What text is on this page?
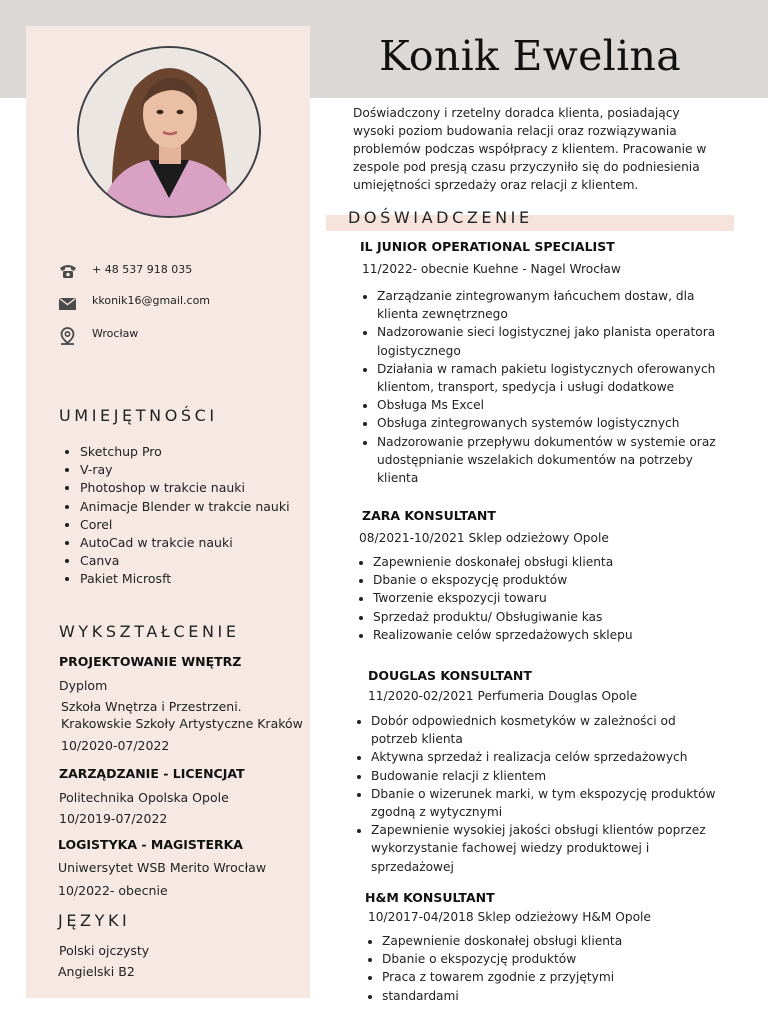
Konik Ewelina
+ 48 537 918 035
kkonik16@gmail.com
Wrocław
UMIEJĘTNOŚCI
• Sketchup Pro
• V-ray
• Photoshop w trakcie nauki
• Animacje Blender w trakcie nauki
• Corel
• AutoCad w trakcie nauki
• Canva
• Pakiet Microsft
WYKSZTAŁCENIE
PROJEKTOWANIE WNĘTRZ
Dyplom
Szkoła Wnętrza i Przestrzeni.
Krakowskie Szkoły Artystyczne Kraków
10/2020-07/2022
ZARZĄDZANIE - LICENCJAT
Politechnika Opolska Opole
10/2019-07/2022
LOGISTYKA - MAGISTERKA
Uniwersytet WSB Merito Wrocław
10/2022- obecnie
JĘZYKI
Polski ojczysty
Angielski B2
Doświadczony i rzetelny doradca klienta, posiadający wysoki poziom budowania relacji oraz rozwiązywania problemów podczas współpracy z klientem. Pracowanie w zespole pod presją czasu przyczyniło się do podniesienia umiejętności sprzedaży oraz relacji z klientem.
DOŚWIADCZENIE
IL JUNIOR OPERATIONAL SPECIALIST
11/2022- obecnie Kuehne - Nagel Wrocław
• Zarządzanie zintegrowanym łańcuchem dostaw, dla klienta zewnętrznego
• Nadzorowanie sieci logistycznej jako planista operatora logistycznego
• Działania w ramach pakietu logistycznych oferowanych klientom, transport, spedycja i usługi dodatkowe
• Obsługa Ms Excel
• Obsługa zintegrowanych systemów logistycznych
• Nadzorowanie przepływu dokumentów w systemie oraz udostępnianie wszelakich dokumentów na potrzeby klienta
ZARA KONSULTANT
08/2021-10/2021 Sklep odzieżowy Opole
• Zapewnienie doskonałej obsługi klienta
• Dbanie o ekspozycję produktów
• Tworzenie ekspozycji towaru
• Sprzedaż produktu/ Obsługiwanie kas
• Realizowanie celów sprzedażowych sklepu
DOUGLAS KONSULTANT
11/2020-02/2021 Perfumeria Douglas Opole
• Dobór odpowiednich kosmetyków w zależności od potrzeb klienta
• Aktywna sprzedaż i realizacja celów sprzedażowych
• Budowanie relacji z klientem
• Dbanie o wizerunek marki, w tym ekspozycję produktów zgodną z wytycznymi
• Zapewnienie wysokiej jakości obsługi klientów poprzez wykorzystanie fachowej wiedzy produktowej i sprzedażowej
H&M KONSULTANT
10/2017-04/2018 Sklep odzieżowy H&M Opole
• Zapewnienie doskonałej obsługi klienta
• Dbanie o ekspozycję produktów
• Praca z towarem zgodnie z przyjętymi
• standardami
